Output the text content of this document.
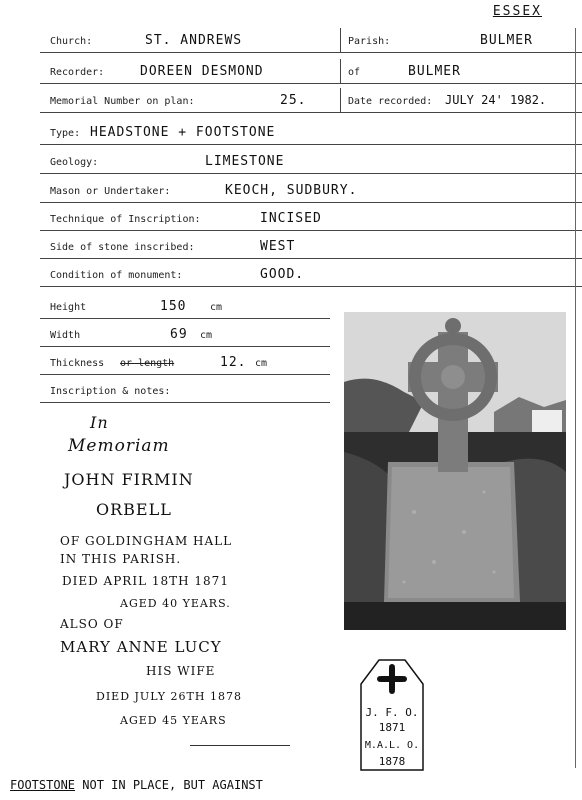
ESSEX
Church:	ST. ANDREWS	Parish:	BULMER
Recorder:	DOREEN DESMOND	of	BULMER
Memorial Number on plan:	25.	Date recorded: JULY 24' 1982.
Type: HEADSTONE + FOOTSTONE
Geology:	LIMESTONE
Mason or Undertaker:	KEOCH, SUDBURY.
Technique of Inscription:	INCISED
Side of stone inscribed:	WEST
Condition of monument:	GOOD.
Height	150 cm
Width	69 cm
Thickness or length	12. cm
Inscription & notes:
In
Memoriam
JOHN FIRMIN
ORBELL
OF GOLDINGHAM HALL
IN THIS PARISH.
DIED APRIL 18TH 1871
AGED 40 YEARS.
ALSO OF
MARY ANNE LUCY
HIS WIFE
DIED JULY 26TH 1878
AGED 45 YEARS
J. F. O.
1871
M.A.L. O.
1878
FOOTSTONE NOT IN PLACE, BUT AGAINST
